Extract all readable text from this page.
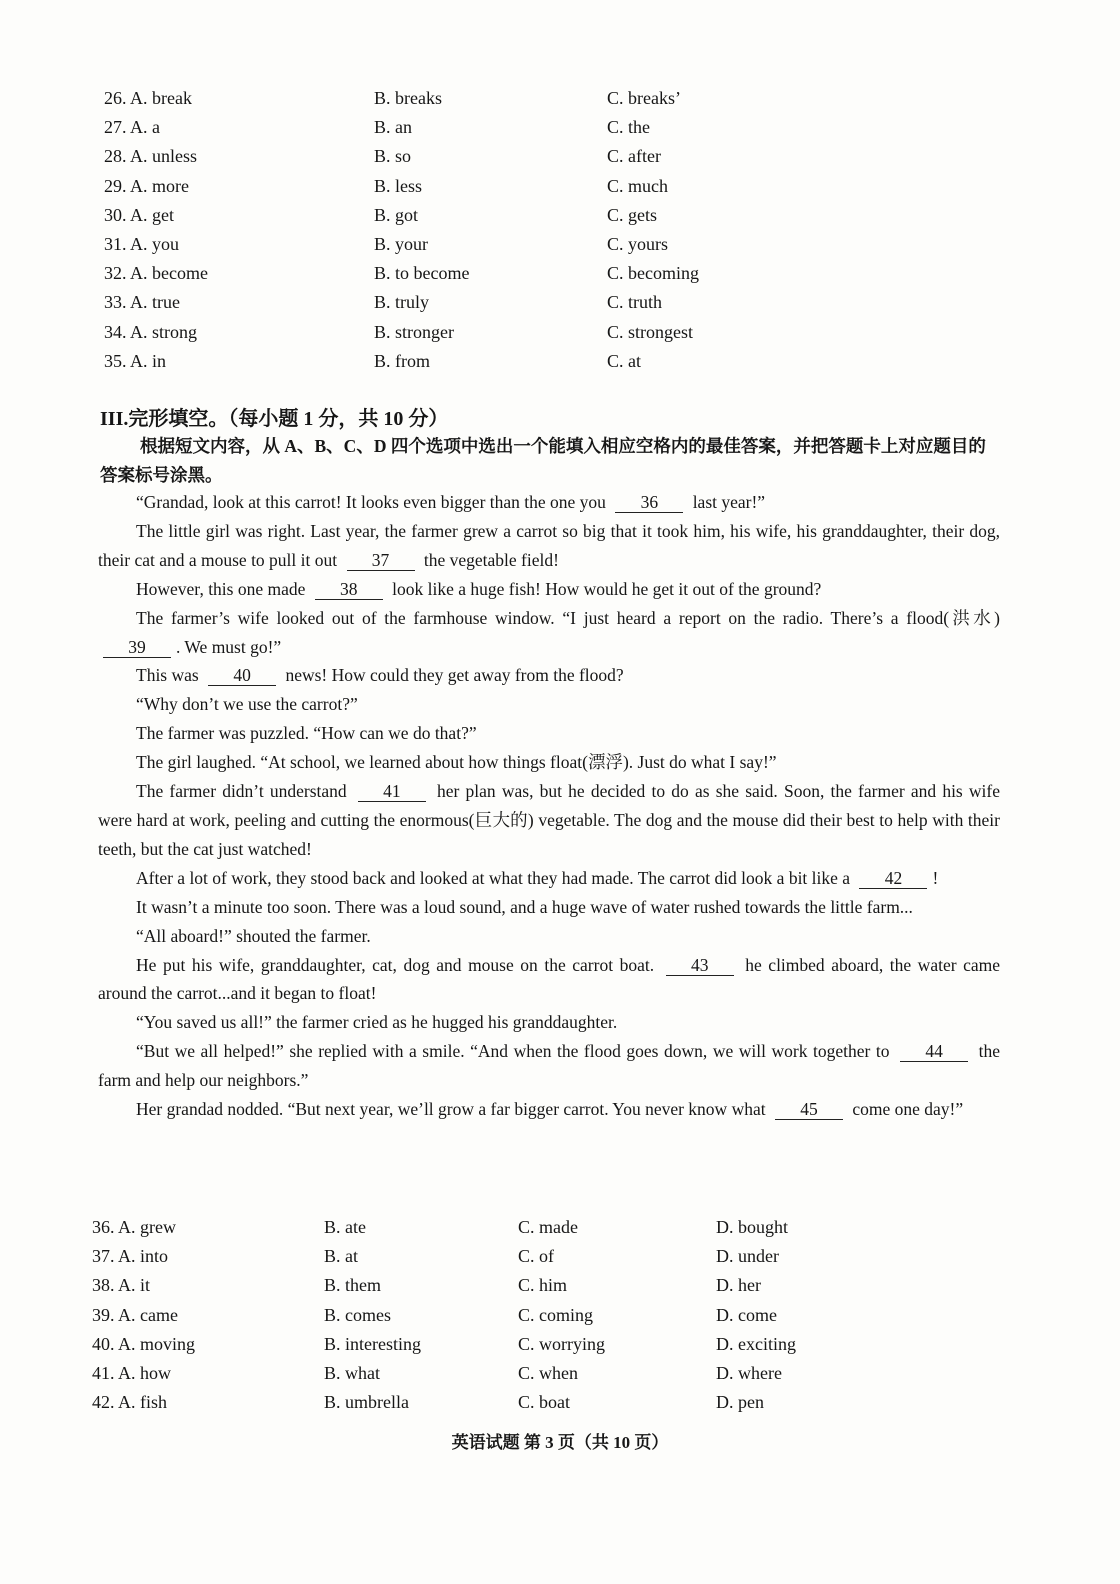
26. A. break	B. breaks	C. breaks’
27. A. a	B. an	C. the
28. A. unless	B. so	C. after
29. A. more	B. less	C. much
30. A. get	B. got	C. gets
31. A. you	B. your	C. yours
32. A. become	B. to become	C. becoming
33. A. true	B. truly	C. truth
34. A. strong	B. stronger	C. strongest
35. A. in	B. from	C. at
III.完形填空。（每小题 1 分，共 10 分）
根据短文内容，从 A、B、C、D 四个选项中选出一个能填入相应空格内的最佳答案，并把答题卡上对应题目的答案标号涂黑。

“Grandad, look at this carrot! It looks even bigger than the one you 36 last year!”

The little girl was right. Last year, the farmer grew a carrot so big that it took him, his wife, his granddaughter, their dog, their cat and a mouse to pull it out 37 the vegetable field!

However, this one made 38 look like a huge fish! How would he get it out of the ground?

The farmer’s wife looked out of the farmhouse window. “I just heard a report on the radio. There’s a flood(洪水) 39 . We must go!”

This was 40 news! How could they get away from the flood?

“Why don’t we use the carrot?”

The farmer was puzzled. “How can we do that?”

The girl laughed. “At school, we learned about how things float(漂浮). Just do what I say!”

The farmer didn’t understand 41 her plan was, but he decided to do as she said. Soon, the farmer and his wife were hard at work, peeling and cutting the enormous(巨大的) vegetable. The dog and the mouse did their best to help with their teeth, but the cat just watched!

After a lot of work, they stood back and looked at what they had made. The carrot did look a bit like a 42 !

It wasn’t a minute too soon. There was a loud sound, and a huge wave of water rushed towards the little farm...

“All aboard!” shouted the farmer.

He put his wife, granddaughter, cat, dog and mouse on the carrot boat. 43 he climbed aboard, the water came around the carrot...and it began to float!

“You saved us all!” the farmer cried as he hugged his granddaughter.

“But we all helped!” she replied with a smile. “And when the flood goes down, we will work together to 44 the farm and help our neighbors.”

Her grandad nodded. “But next year, we’ll grow a far bigger carrot. You never know what 45 come one day!”

36. A. grew	B. ate	C. made	D. bought
37. A. into	B. at	C. of	D. under
38. A. it	B. them	C. him	D. her
39. A. came	B. comes	C. coming	D. come
40. A. moving	B. interesting	C. worrying	D. exciting
41. A. how	B. what	C. when	D. where
42. A. fish	B. umbrella	C. boat	D. pen
英语试题 第 3 页（共 10 页）
